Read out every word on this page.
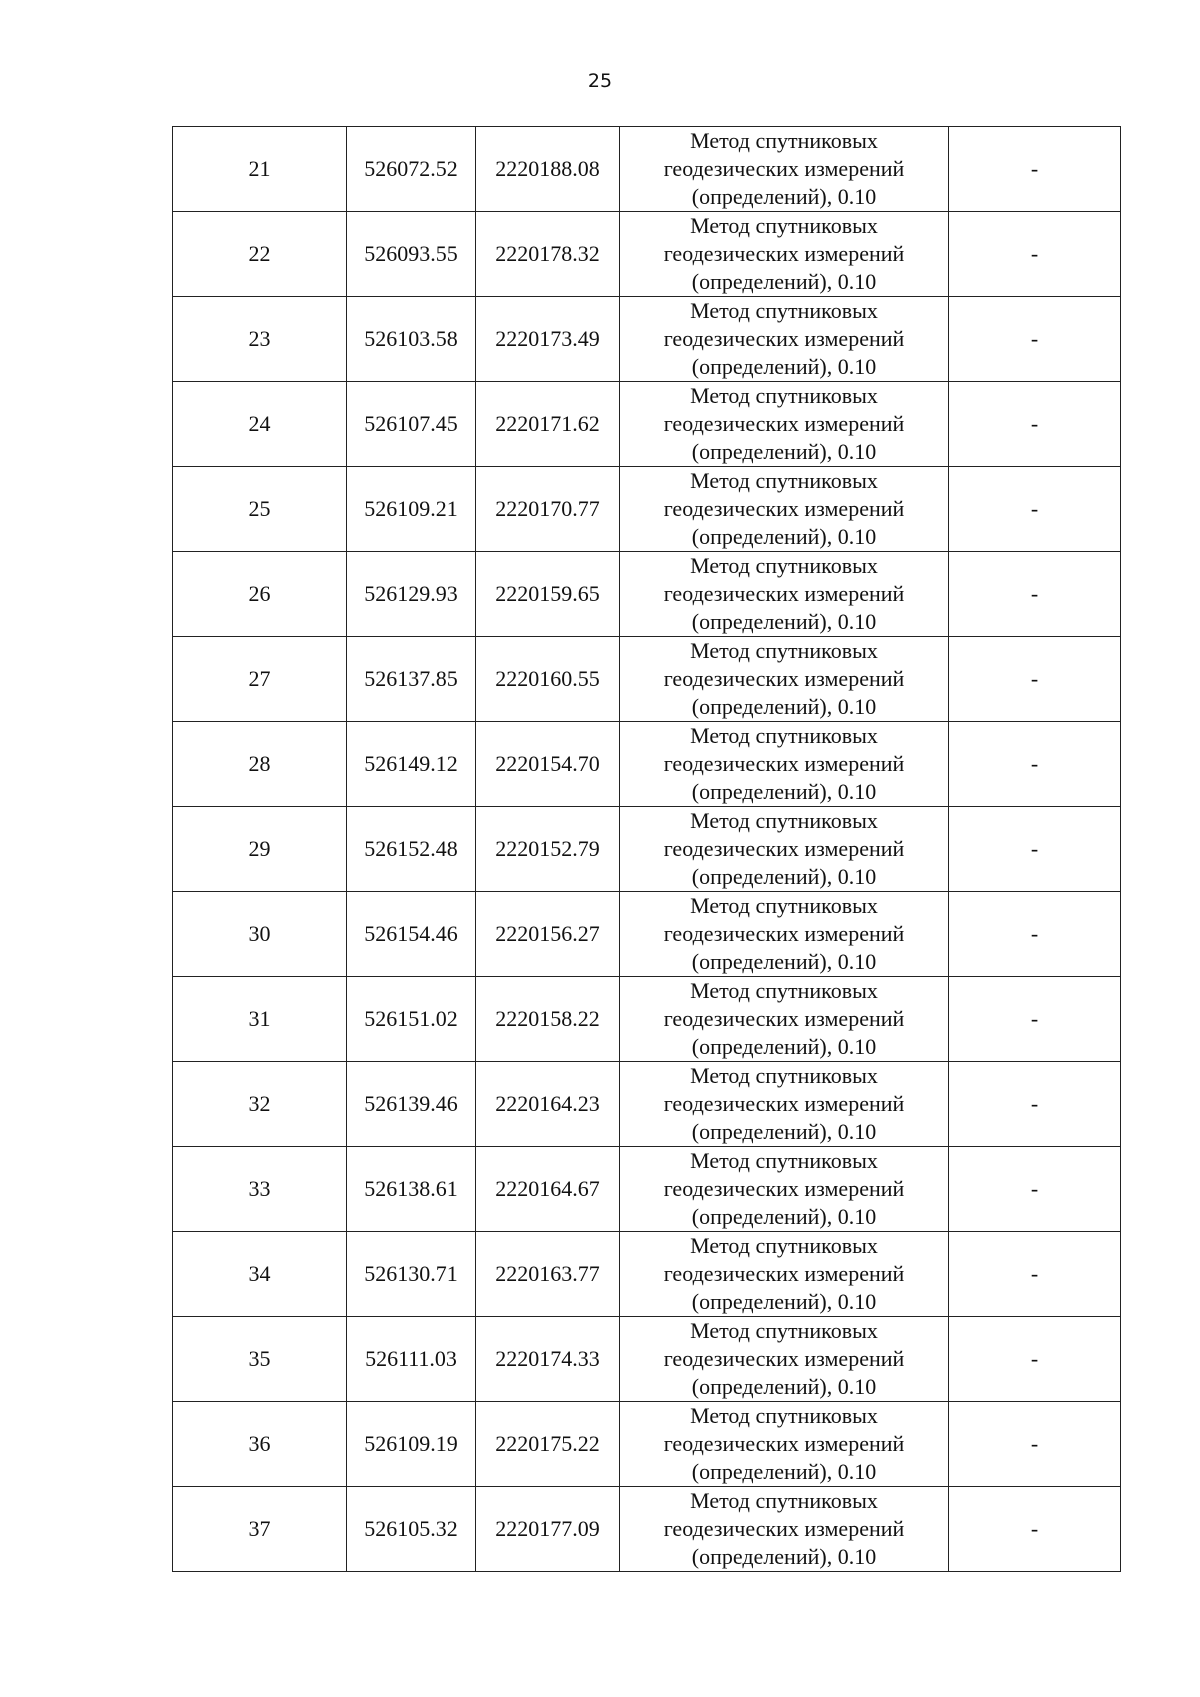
25
21	526072.52	2220188.08	Метод спутниковых
геодезических измерений
(определений), 0.10	-
22	526093.55	2220178.32	Метод спутниковых
геодезических измерений
(определений), 0.10	-
23	526103.58	2220173.49	Метод спутниковых
геодезических измерений
(определений), 0.10	-
24	526107.45	2220171.62	Метод спутниковых
геодезических измерений
(определений), 0.10	-
25	526109.21	2220170.77	Метод спутниковых
геодезических измерений
(определений), 0.10	-
26	526129.93	2220159.65	Метод спутниковых
геодезических измерений
(определений), 0.10	-
27	526137.85	2220160.55	Метод спутниковых
геодезических измерений
(определений), 0.10	-
28	526149.12	2220154.70	Метод спутниковых
геодезических измерений
(определений), 0.10	-
29	526152.48	2220152.79	Метод спутниковых
геодезических измерений
(определений), 0.10	-
30	526154.46	2220156.27	Метод спутниковых
геодезических измерений
(определений), 0.10	-
31	526151.02	2220158.22	Метод спутниковых
геодезических измерений
(определений), 0.10	-
32	526139.46	2220164.23	Метод спутниковых
геодезических измерений
(определений), 0.10	-
33	526138.61	2220164.67	Метод спутниковых
геодезических измерений
(определений), 0.10	-
34	526130.71	2220163.77	Метод спутниковых
геодезических измерений
(определений), 0.10	-
35	526111.03	2220174.33	Метод спутниковых
геодезических измерений
(определений), 0.10	-
36	526109.19	2220175.22	Метод спутниковых
геодезических измерений
(определений), 0.10	-
37	526105.32	2220177.09	Метод спутниковых
геодезических измерений
(определений), 0.10	-
